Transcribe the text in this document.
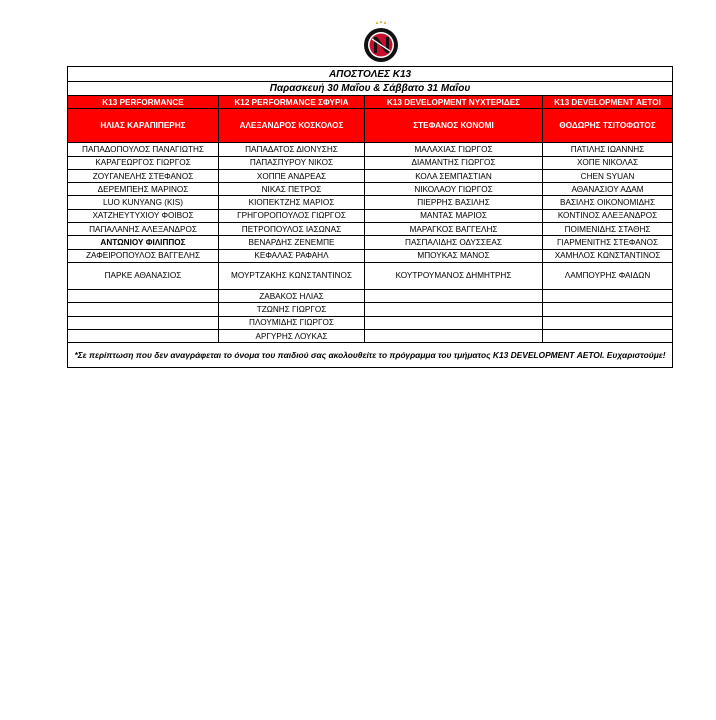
ΑΠΟΣΤΟΛΕΣ Κ13			
Παρασκευή 30 Μαΐου & Σάββατο 31 Μαΐου			
Κ13 PERFORMANCE	Κ12 PERFORMANCE ΣΦΥΡΙΑ	Κ13 DEVELOPMENT ΝΥΧΤΕΡΙΔΕΣ	Κ13 DEVELOPMENT ΑΕΤΟΙ
ΗΛΙΑΣ ΚΑΡΑΠΙΠΕΡΗΣ	ΑΛΕΞΑΝΔΡΟΣ ΚΟΣΚΟΛΟΣ	ΣΤΕΦΑΝΟΣ ΚΟΝΟΜΙ	ΘΟΔΩΡΗΣ ΤΣΙΤΟΦΩΤΟΣ
ΠΑΠΑΔΟΠΟΥΛΟΣ ΠΑΝΑΓΙΩΤΗΣ	ΠΑΠΑΔΑΤΟΣ ΔΙΟΝΥΣΗΣ	ΜΑΛΑΧΙΑΣ ΓΙΩΡΓΟΣ	ΠΑΤΙΛΗΣ ΙΩΑΝΝΗΣ
ΚΑΡΑΓΕΩΡΓΟΣ ΓΙΩΡΓΟΣ	ΠΑΠΑΣΠΥΡΟΥ ΝΙΚΟΣ	ΔΙΑΜΑΝΤΗΣ ΓΙΩΡΓΟΣ	ΧΟΠΕ ΝΙΚΟΛΑΣ
ΖΟΥΓΑΝΕΛΗΣ ΣΤΕΦΑΝΟΣ	ΧΟΠΠΕ ΑΝΔΡΕΑΣ	ΚΟΛΑ ΣΕΜΠΑΣΤΙΑΝ	CHEN SYUAN
ΔΕΡΕΜΠΕΗΣ ΜΑΡΙΝΟΣ	ΝΙΚΑΣ ΠΕΤΡΟΣ	ΝΙΚΟΛΑΟΥ ΓΙΩΡΓΟΣ	ΑΘΑΝΑΣΙΟΥ ΑΔΑΜ
LUO KUNYANG (KIS)	ΚΙΟΠΕΚΤΖΗΣ ΜΑΡΙΟΣ	ΠΙΕΡΡΗΣ ΒΑΣΙΛΗΣ	ΒΑΣΙΛΗΣ ΟΙΚΟΝΟΜΙΔΗΣ
ΧΑΤΖΗΕΥΤΥΧΙΟΥ ΦΟΙΒΟΣ	ΓΡΗΓΟΡΟΠΟΥΛΟΣ ΓΙΩΡΓΟΣ	ΜΑΝΤΑΣ ΜΑΡΙΟΣ	ΚΟΝΤΙΝΟΣ ΑΛΕΞΑΝΔΡΟΣ
ΠΑΠΑΛΑΝΗΣ ΑΛΕΞΑΝΔΡΟΣ	ΠΕΤΡΟΠΟΥΛΟΣ ΙΑΣΩΝΑΣ	ΜΑΡΑΓΚΟΣ ΒΑΓΓΕΛΗΣ	ΠΟΙΜΕΝΙΔΗΣ ΣΤΑΘΗΣ
ΑΝΤΩΝΙΟΥ ΦΙΛΙΠΠΟΣ	ΒΕΝΑΡΔΗΣ ΖΕΝΕΜΠΕ	ΠΑΣΠΑΛΙΔΗΣ ΟΔΥΣΣΕΑΣ	ΓΙΑΡΜΕΝΙΤΗΣ ΣΤΕΦΑΝΟΣ
ΖΑΦΕΙΡΟΠΟΥΛΟΣ ΒΑΓΓΕΛΗΣ	ΚΕΦΑΛΑΣ ΡΑΦΑΗΛ	ΜΠΟΥΚΑΣ ΜΑΝΟΣ	ΧΑΜΗΛΟΣ ΚΩΝΣΤΑΝΤΙΝΟΣ
ΠΑΡΚΕ ΑΘΑΝΑΣΙΟΣ	ΜΟΥΡΤΖΑΚΗΣ ΚΩΝΣΤΑΝΤΙΝΟΣ	ΚΟΥΤΡΟΥΜΑΝΟΣ ΔΗΜΗΤΡΗΣ	ΛΑΜΠΟΥΡΗΣ ΦΑΙΔΩΝ
	ΖΑΒΑΚΟΣ ΗΛΙΑΣ		
	ΤΖΩΝΗΣ ΓΙΩΡΓΟΣ		
	ΠΛΟΥΜΙΔΗΣ ΓΙΩΡΓΟΣ		
	ΑΡΓΥΡΗΣ ΛΟΥΚΑΣ		
*Σε περίπτωση που δεν αναγράφεται το όνομα του παιδιού σας ακολουθείτε το πρόγραμμα του τμήματος Κ13 DEVELOPMENT ΑΕΤΟΙ. Ευχαριστούμε!			
